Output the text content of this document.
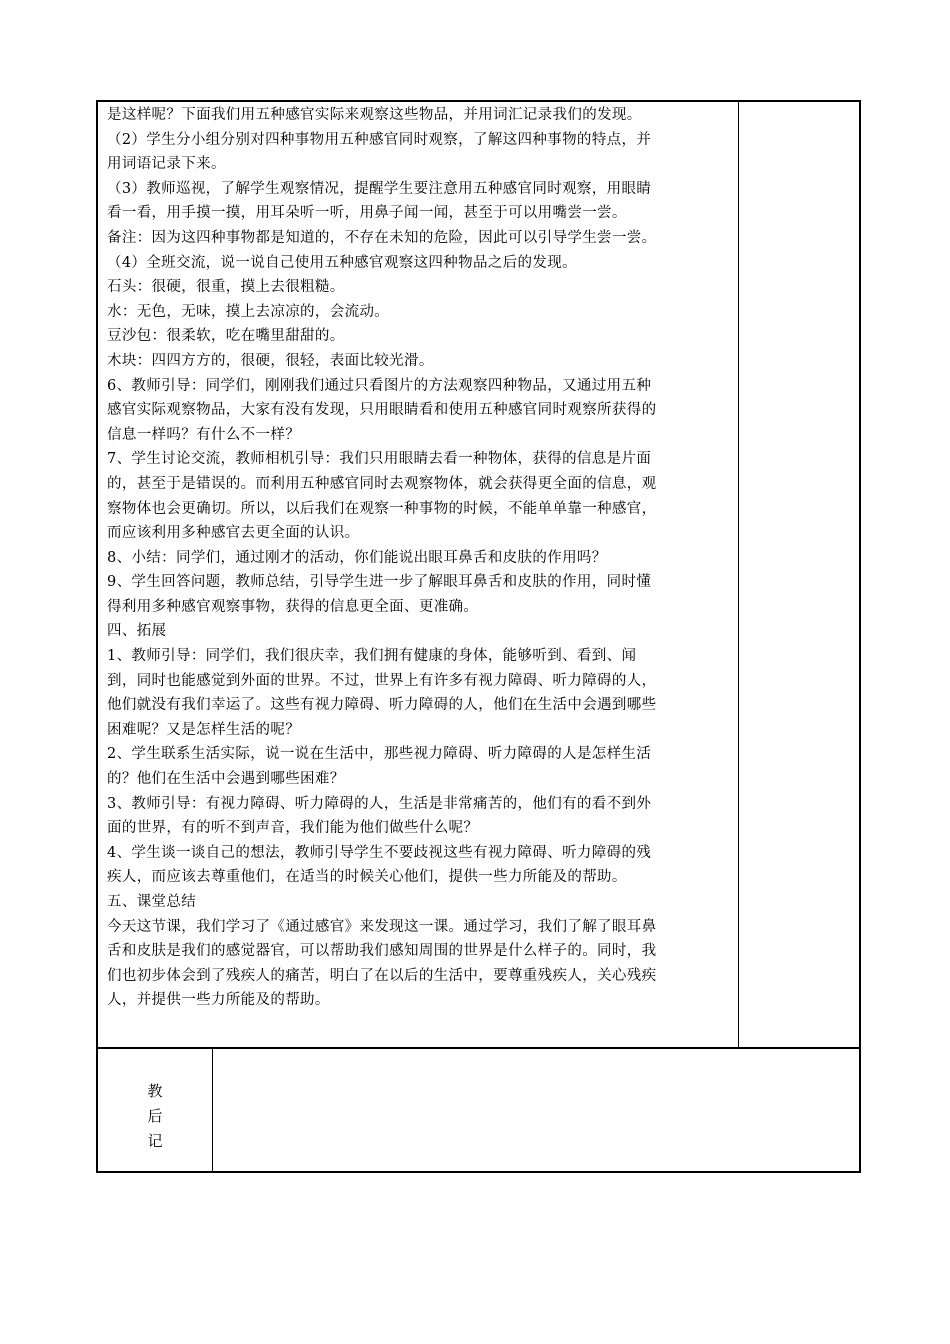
是这样呢？下面我们用五种感官实际来观察这些物品，并用词汇记录我们的发现。
（2）学生分小组分别对四种事物用五种感官同时观察，了解这四种事物的特点，并
用词语记录下来。
（3）教师巡视，了解学生观察情况，提醒学生要注意用五种感官同时观察，用眼睛
看一看，用手摸一摸，用耳朵听一听，用鼻子闻一闻，甚至于可以用嘴尝一尝。
备注：因为这四种事物都是知道的，不存在未知的危险，因此可以引导学生尝一尝。
（4）全班交流，说一说自己使用五种感官观察这四种物品之后的发现。
石头：很硬，很重，摸上去很粗糙。
水：无色，无味，摸上去凉凉的，会流动。
豆沙包：很柔软，吃在嘴里甜甜的。
木块：四四方方的，很硬，很轻，表面比较光滑。
6、教师引导：同学们，刚刚我们通过只看图片的方法观察四种物品，又通过用五种
感官实际观察物品，大家有没有发现，只用眼睛看和使用五种感官同时观察所获得的
信息一样吗？有什么不一样？
7、学生讨论交流，教师相机引导：我们只用眼睛去看一种物体，获得的信息是片面
的，甚至于是错误的。而利用五种感官同时去观察物体，就会获得更全面的信息，观
察物体也会更确切。所以，以后我们在观察一种事物的时候，不能单单靠一种感官，
而应该利用多种感官去更全面的认识。
8、小结：同学们，通过刚才的活动，你们能说出眼耳鼻舌和皮肤的作用吗？
9、学生回答问题，教师总结，引导学生进一步了解眼耳鼻舌和皮肤的作用，同时懂
得利用多种感官观察事物，获得的信息更全面、更准确。
四、拓展
1、教师引导：同学们，我们很庆幸，我们拥有健康的身体，能够听到、看到、闻
到，同时也能感觉到外面的世界。不过，世界上有许多有视力障碍、听力障碍的人，
他们就没有我们幸运了。这些有视力障碍、听力障碍的人，他们在生活中会遇到哪些
困难呢？又是怎样生活的呢？
2、学生联系生活实际，说一说在生活中，那些视力障碍、听力障碍的人是怎样生活
的？他们在生活中会遇到哪些困难？
3、教师引导：有视力障碍、听力障碍的人，生活是非常痛苦的，他们有的看不到外
面的世界，有的听不到声音，我们能为他们做些什么呢？
4、学生谈一谈自己的想法，教师引导学生不要歧视这些有视力障碍、听力障碍的残
疾人，而应该去尊重他们，在适当的时候关心他们，提供一些力所能及的帮助。
五、课堂总结
今天这节课，我们学习了《通过感官》来发现这一课。通过学习，我们了解了眼耳鼻
舌和皮肤是我们的感觉器官，可以帮助我们感知周围的世界是什么样子的。同时，我
们也初步体会到了残疾人的痛苦，明白了在以后的生活中，要尊重残疾人，关心残疾
人，并提供一些力所能及的帮助。
教
后
记
